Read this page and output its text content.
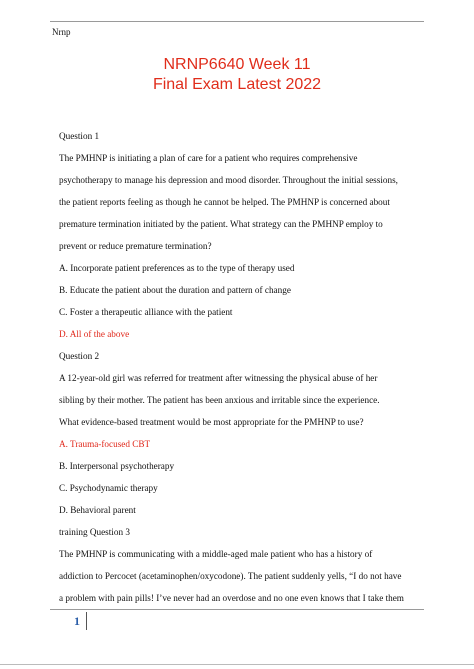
Nrnp
NRNP6640 Week 11
Final Exam Latest 2022

Question 1

The PMHNP is initiating a plan of care for a patient who requires comprehensive

psychotherapy to manage his depression and mood disorder. Throughout the initial sessions,

the patient reports feeling as though he cannot be helped. The PMHNP is concerned about

premature termination initiated by the patient. What strategy can the PMHNP employ to

prevent or reduce premature termination?

A. Incorporate patient preferences as to the type of therapy used

B. Educate the patient about the duration and pattern of change

C. Foster a therapeutic alliance with the patient

D. All of the above

Question 2

A 12-year-old girl was referred for treatment after witnessing the physical abuse of her

sibling by their mother. The patient has been anxious and irritable since the experience.

What evidence-based treatment would be most appropriate for the PMHNP to use?

A. Trauma-focused CBT

B. Interpersonal psychotherapy

C. Psychodynamic therapy

D. Behavioral parent

training Question 3

The PMHNP is communicating with a middle-aged male patient who has a history of

addiction to Percocet (acetaminophen/oxycodone). The patient suddenly yells, “I do not have

a problem with pain pills! I’ve never had an overdose and no one even knows that I take them

1
